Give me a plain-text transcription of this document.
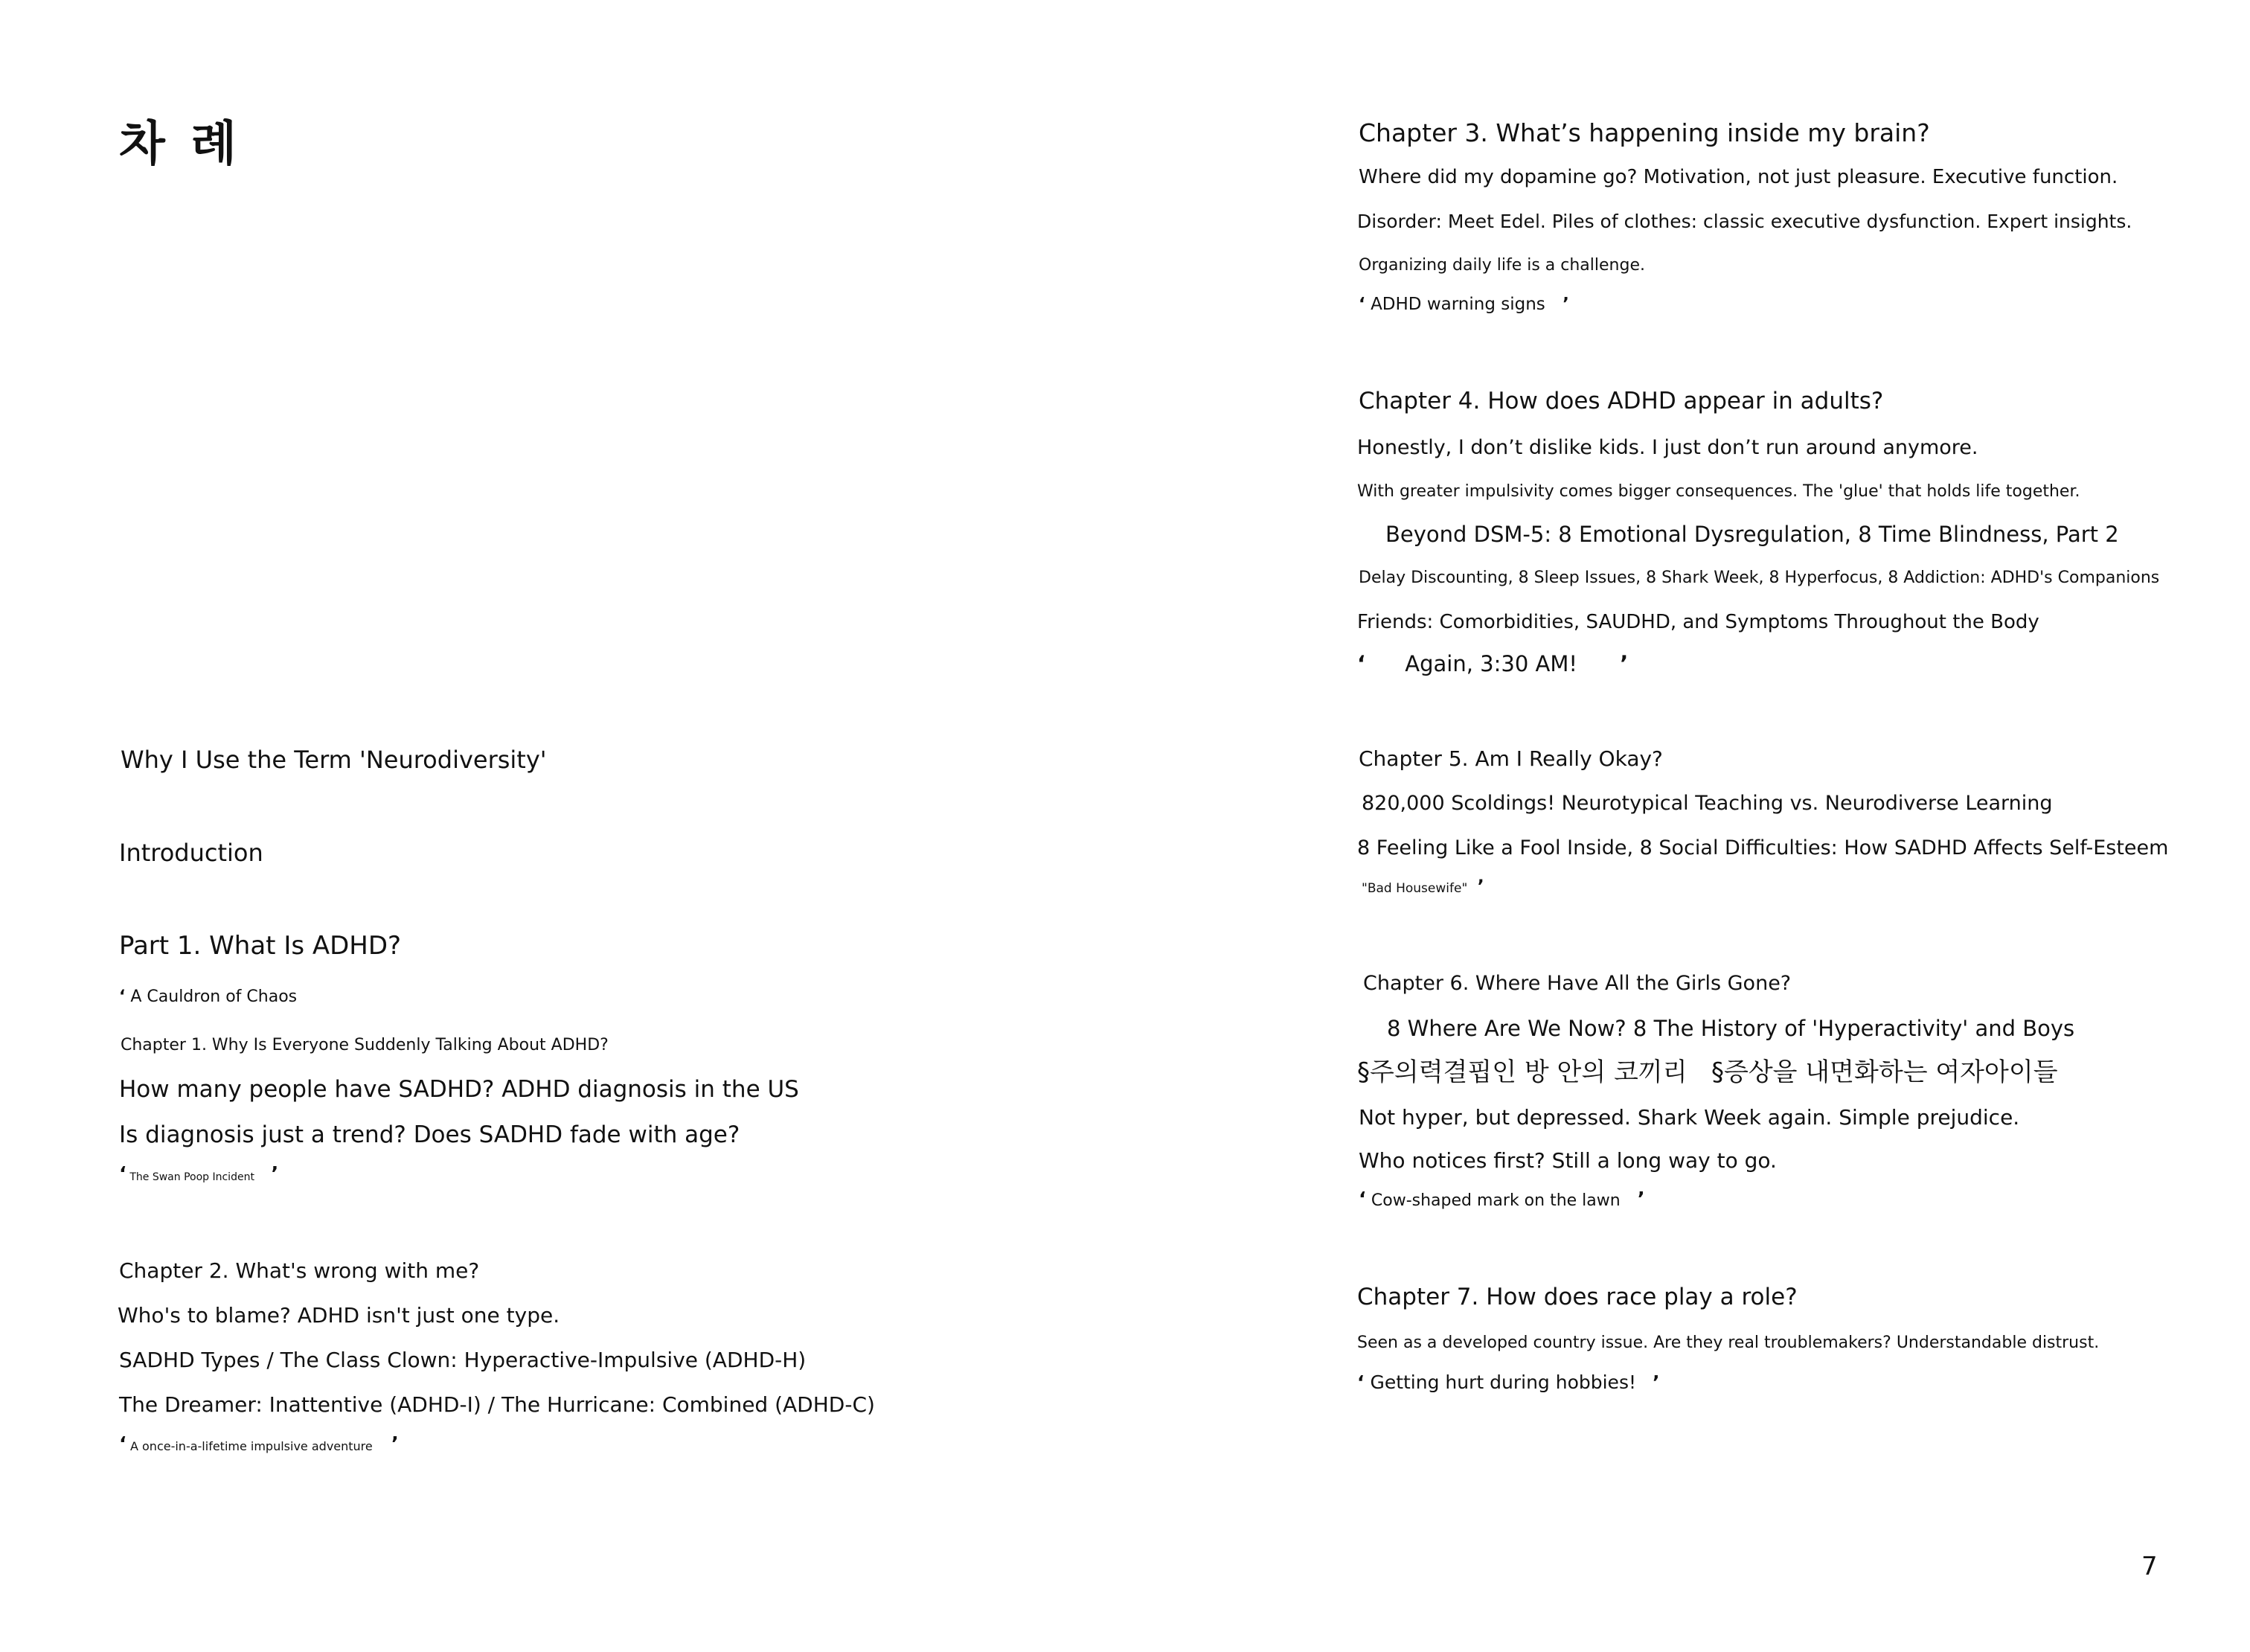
차 례
Why I Use the Term 'Neurodiversity'
Introduction
Part 1. What Is ADHD?
‘ A Cauldron of Chaos
Chapter 1. Why Is Everyone Suddenly Talking About ADHD?
How many people have SADHD? ADHD diagnosis in the US
Is diagnosis just a trend? Does SADHD fade with age?
‘ The Swan Poop Incident ’
Chapter 2. What's wrong with me?
Who's to blame? ADHD isn't just one type.
SADHD Types / The Class Clown: Hyperactive-Impulsive (ADHD-H)
The Dreamer: Inattentive (ADHD-I) / The Hurricane: Combined (ADHD-C)
‘ A once-in-a-lifetime impulsive adventure ’
Chapter 3. What’s happening inside my brain?
Where did my dopamine go? Motivation, not just pleasure. Executive function.
Disorder: Meet Edel. Piles of clothes: classic executive dysfunction. Expert insights.
Organizing daily life is a challenge.
‘ ADHD warning signs ’
Chapter 4. How does ADHD appear in adults?
Honestly, I don’t dislike kids. I just don’t run around anymore.
With greater impulsivity comes bigger consequences. The 'glue' that holds life together.
Beyond DSM-5: 8 Emotional Dysregulation, 8 Time Blindness, Part 2
Delay Discounting, 8 Sleep Issues, 8 Shark Week, 8 Hyperfocus, 8 Addiction: ADHD's Companions
Friends: Comorbidities, SAUDHD, and Symptoms Throughout the Body
‘ Again, 3:30 AM! ’
Chapter 5. Am I Really Okay?
820,000 Scoldings! Neurotypical Teaching vs. Neurodiverse Learning
8 Feeling Like a Fool Inside, 8 Social Difficulties: How SADHD Affects Self-Esteem
"Bad Housewife" ’
Chapter 6. Where Have All the Girls Gone?
8 Where Are We Now? 8 The History of 'Hyperactivity' and Boys
§주의력결핍인 방 안의 코끼리   §증상을 내면화하는 여자아이들
Not hyper, but depressed. Shark Week again. Simple prejudice.
Who notices first? Still a long way to go.
‘ Cow-shaped mark on the lawn ’
Chapter 7. How does race play a role?
Seen as a developed country issue. Are they real troublemakers? Understandable distrust.
‘ Getting hurt during hobbies! ’
7
